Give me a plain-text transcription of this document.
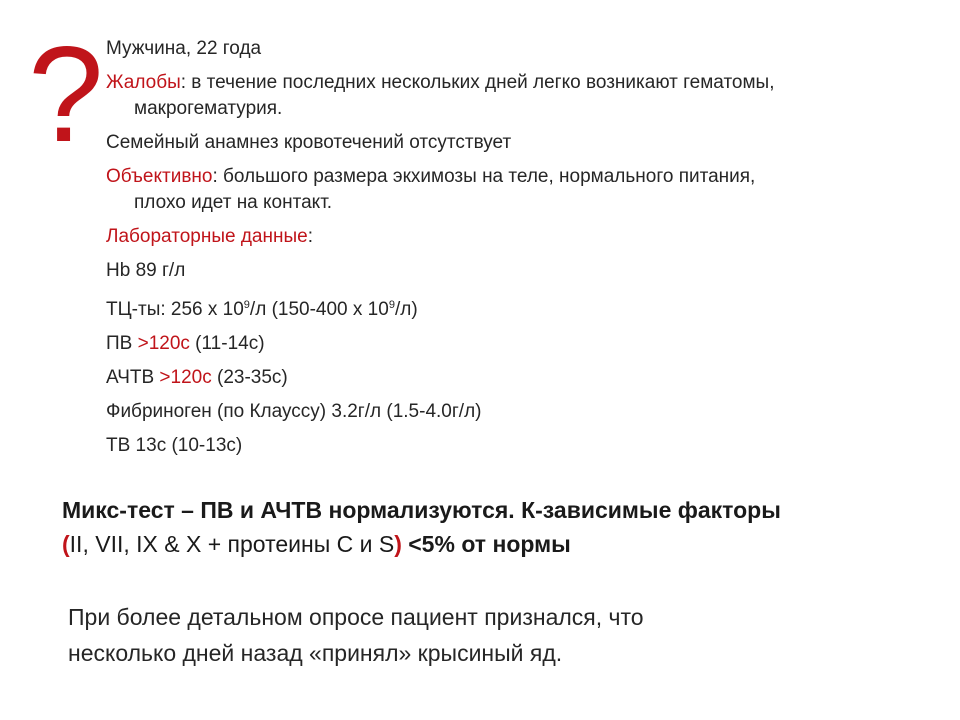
? Мужчина, 22 года
Жалобы: в течение последних нескольких дней легко возникают гематомы,
макрогематурия.
Семейный анамнез кровотечений отсутствует
Объективно: большого размера экхимозы на теле, нормального питания,
плохо идет на контакт.
Лабораторные данные:
Hb 89 г/л
ТЦ-ты: 256 х $10^9/л$ (150-400 х $10^9/л$)
ПВ >120с (11-14с)
АЧТВ >120с (23-35с)
Фибриноген (по Клауссу) 3.2г/л (1.5-4.0г/л)
ТВ 13с (10-13с)
Микс-тест – ПВ и АЧТВ нормализуются. К-зависимые факторы
(II, VII, IX & X + протеины С и S) <5% от нормы
При более детальном опросе пациент признался, что
несколько дней назад «принял» крысиный яд.
